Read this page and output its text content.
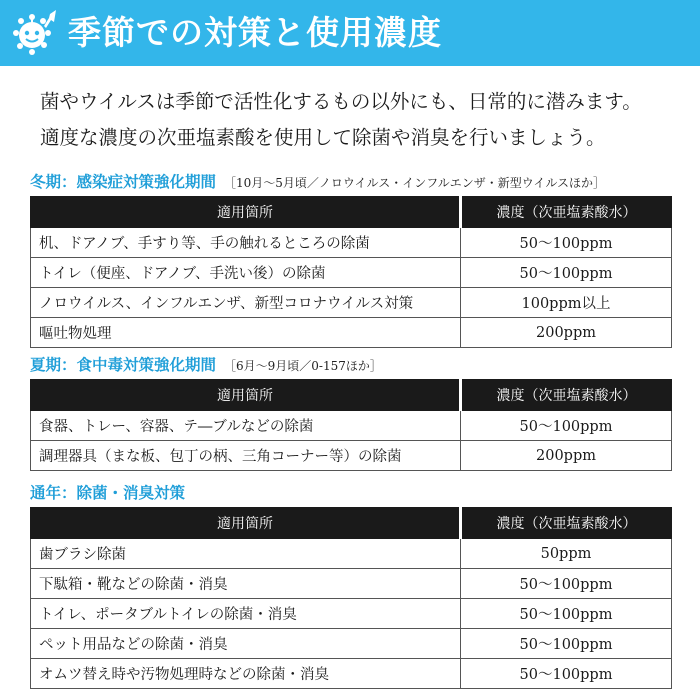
季節での対策と使用濃度
菌やウイルスは季節で活性化するもの以外にも、日常的に潜みます。
適度な濃度の次亜塩素酸を使用して除菌や消臭を行いましょう。
冬期：感染症対策強化期間 ［10月～5月頃／ノロウイルス・インフルエンザ・新型ウイルスほか］
適用箇所	濃度（次亜塩素酸水）
机、ドアノブ、手すり等、手の触れるところの除菌	50～100ppm
トイレ（便座、ドアノブ、手洗い後）の除菌	50～100ppm
ノロウイルス、インフルエンザ、新型コロナウイルス対策	100ppm以上
嘔吐物処理	200ppm
夏期：食中毒対策強化期間 ［6月～9月頃／0-157ほか］
適用箇所	濃度（次亜塩素酸水）
食器、トレー、容器、テ―ブルなどの除菌	50～100ppm
調理器具（まな板、包丁の柄、三角コーナー等）の除菌	200ppm
通年：除菌・消臭対策
適用箇所	濃度（次亜塩素酸水）
歯ブラシ除菌	50ppm
下駄箱・靴などの除菌・消臭	50～100ppm
トイレ、ポータブルトイレの除菌・消臭	50～100ppm
ペット用品などの除菌・消臭	50～100ppm
オムツ替え時や汚物処理時などの除菌・消臭	50～100ppm
